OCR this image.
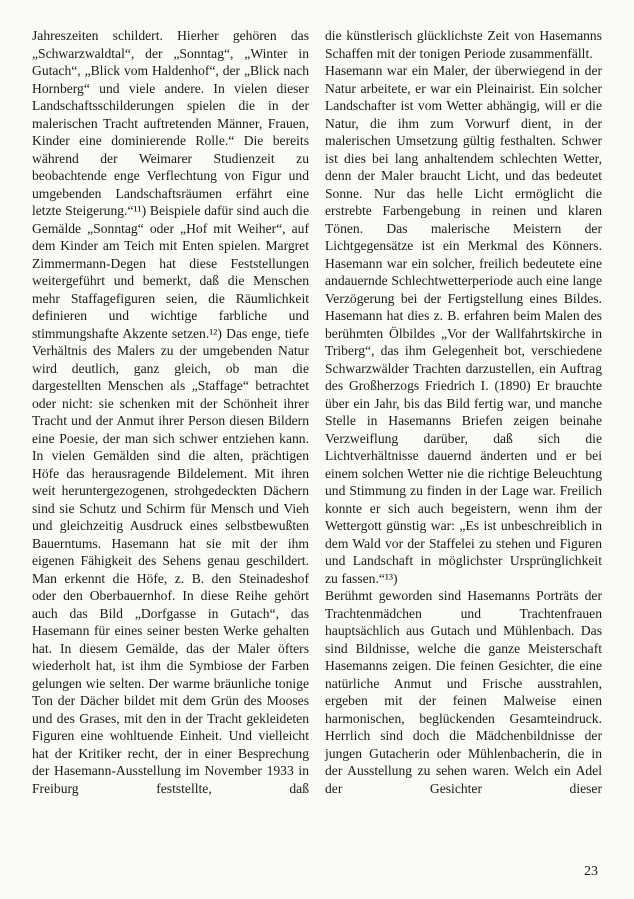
Jahreszeiten schildert. Hierher gehören das „Schwarzwaldtal“, der „Sonntag“, „Winter in Gutach“, „Blick vom Haldenhof“, der „Blick nach Hornberg“ und viele andere. In vielen dieser Landschaftsschilderungen spielen die in der malerischen Tracht auftretenden Männer, Frauen, Kinder eine dominierende Rolle.“ Die bereits während der Weimarer Studienzeit zu beobachtende enge Verflechtung von Figur und umgebenden Landschaftsräumen erfährt eine letzte Steigerung.“¹¹) Beispiele dafür sind auch die Gemälde „Sonntag“ oder „Hof mit Weiher“, auf dem Kinder am Teich mit Enten spielen. Margret Zimmermann-Degen hat diese Feststellungen weitergeführt und bemerkt, daß die Menschen mehr Staffagefiguren seien, die Räumlichkeit definieren und wichtige farbliche und stimmungshafte Akzente setzen.¹²) Das enge, tiefe Verhältnis des Malers zu der umgebenden Natur wird deutlich, ganz gleich, ob man die dargestellten Menschen als „Staffage“ betrachtet oder nicht: sie schenken mit der Schönheit ihrer Tracht und der Anmut ihrer Person diesen Bildern eine Poesie, der man sich schwer entziehen kann. In vielen Gemälden sind die alten, prächtigen Höfe das herausragende Bildelement. Mit ihren weit heruntergezogenen, strohgedeckten Dächern sind sie Schutz und Schirm für Mensch und Vieh und gleichzeitig Ausdruck eines selbstbewußten Bauerntums. Hasemann hat sie mit der ihm eigenen Fähigkeit des Sehens genau geschildert. Man erkennt die Höfe, z. B. den Steinadeshof oder den Oberbauernhof. In diese Reihe gehört auch das Bild „Dorfgasse in Gutach“, das Hasemann für eines seiner besten Werke gehalten hat. In diesem Gemälde, das der Maler öfters wiederholt hat, ist ihm die Symbiose der Farben gelungen wie selten. Der warme bräunliche tonige Ton der Dächer bildet mit dem Grün des Mooses und des Grases, mit den in der Tracht gekleideten Figuren eine wohltuende Einheit. Und vielleicht hat der Kritiker recht, der in einer Besprechung der Hasemann-Ausstellung im November 1933 in Freiburg feststellte, daß

die künstlerisch glücklichste Zeit von Hasemanns Schaffen mit der tonigen Periode zusammenfällt.

Hasemann war ein Maler, der überwiegend in der Natur arbeitete, er war ein Pleinairist. Ein solcher Landschafter ist vom Wetter abhängig, will er die Natur, die ihm zum Vorwurf dient, in der malerischen Umsetzung gültig festhalten. Schwer ist dies bei lang anhaltendem schlechten Wetter, denn der Maler braucht Licht, und das bedeutet Sonne. Nur das helle Licht ermöglicht die erstrebte Farbengebung in reinen und klaren Tönen. Das malerische Meistern der Lichtgegensätze ist ein Merkmal des Könners. Hasemann war ein solcher, freilich bedeutete eine andauernde Schlechtwetterperiode auch eine lange Verzögerung bei der Fertigstellung eines Bildes. Hasemann hat dies z. B. erfahren beim Malen des berühmten Ölbildes „Vor der Wallfahrtskirche in Triberg“, das ihm Gelegenheit bot, verschiedene Schwarzwälder Trachten darzustellen, ein Auftrag des Großherzogs Friedrich I. (1890) Er brauchte über ein Jahr, bis das Bild fertig war, und manche Stelle in Hasemanns Briefen zeigen beinahe Verzweiflung darüber, daß sich die Lichtverhältnisse dauernd änderten und er bei einem solchen Wetter nie die richtige Beleuchtung und Stimmung zu finden in der Lage war. Freilich konnte er sich auch begeistern, wenn ihm der Wettergott günstig war: „Es ist unbeschreiblich in dem Wald vor der Staffelei zu stehen und Figuren und Landschaft in möglichster Ursprünglichkeit zu fassen.“¹³)

Berühmt geworden sind Hasemanns Porträts der Trachtenmädchen und Trachtenfrauen hauptsächlich aus Gutach und Mühlenbach. Das sind Bildnisse, welche die ganze Meisterschaft Hasemanns zeigen. Die feinen Gesichter, die eine natürliche Anmut und Frische ausstrahlen, ergeben mit der feinen Malweise einen harmonischen, beglückenden Gesamteindruck. Herrlich sind doch die Mädchenbildnisse der jungen Gutacherin oder Mühlenbacherin, die in der Ausstellung zu sehen waren. Welch ein Adel der Gesichter dieser

23
